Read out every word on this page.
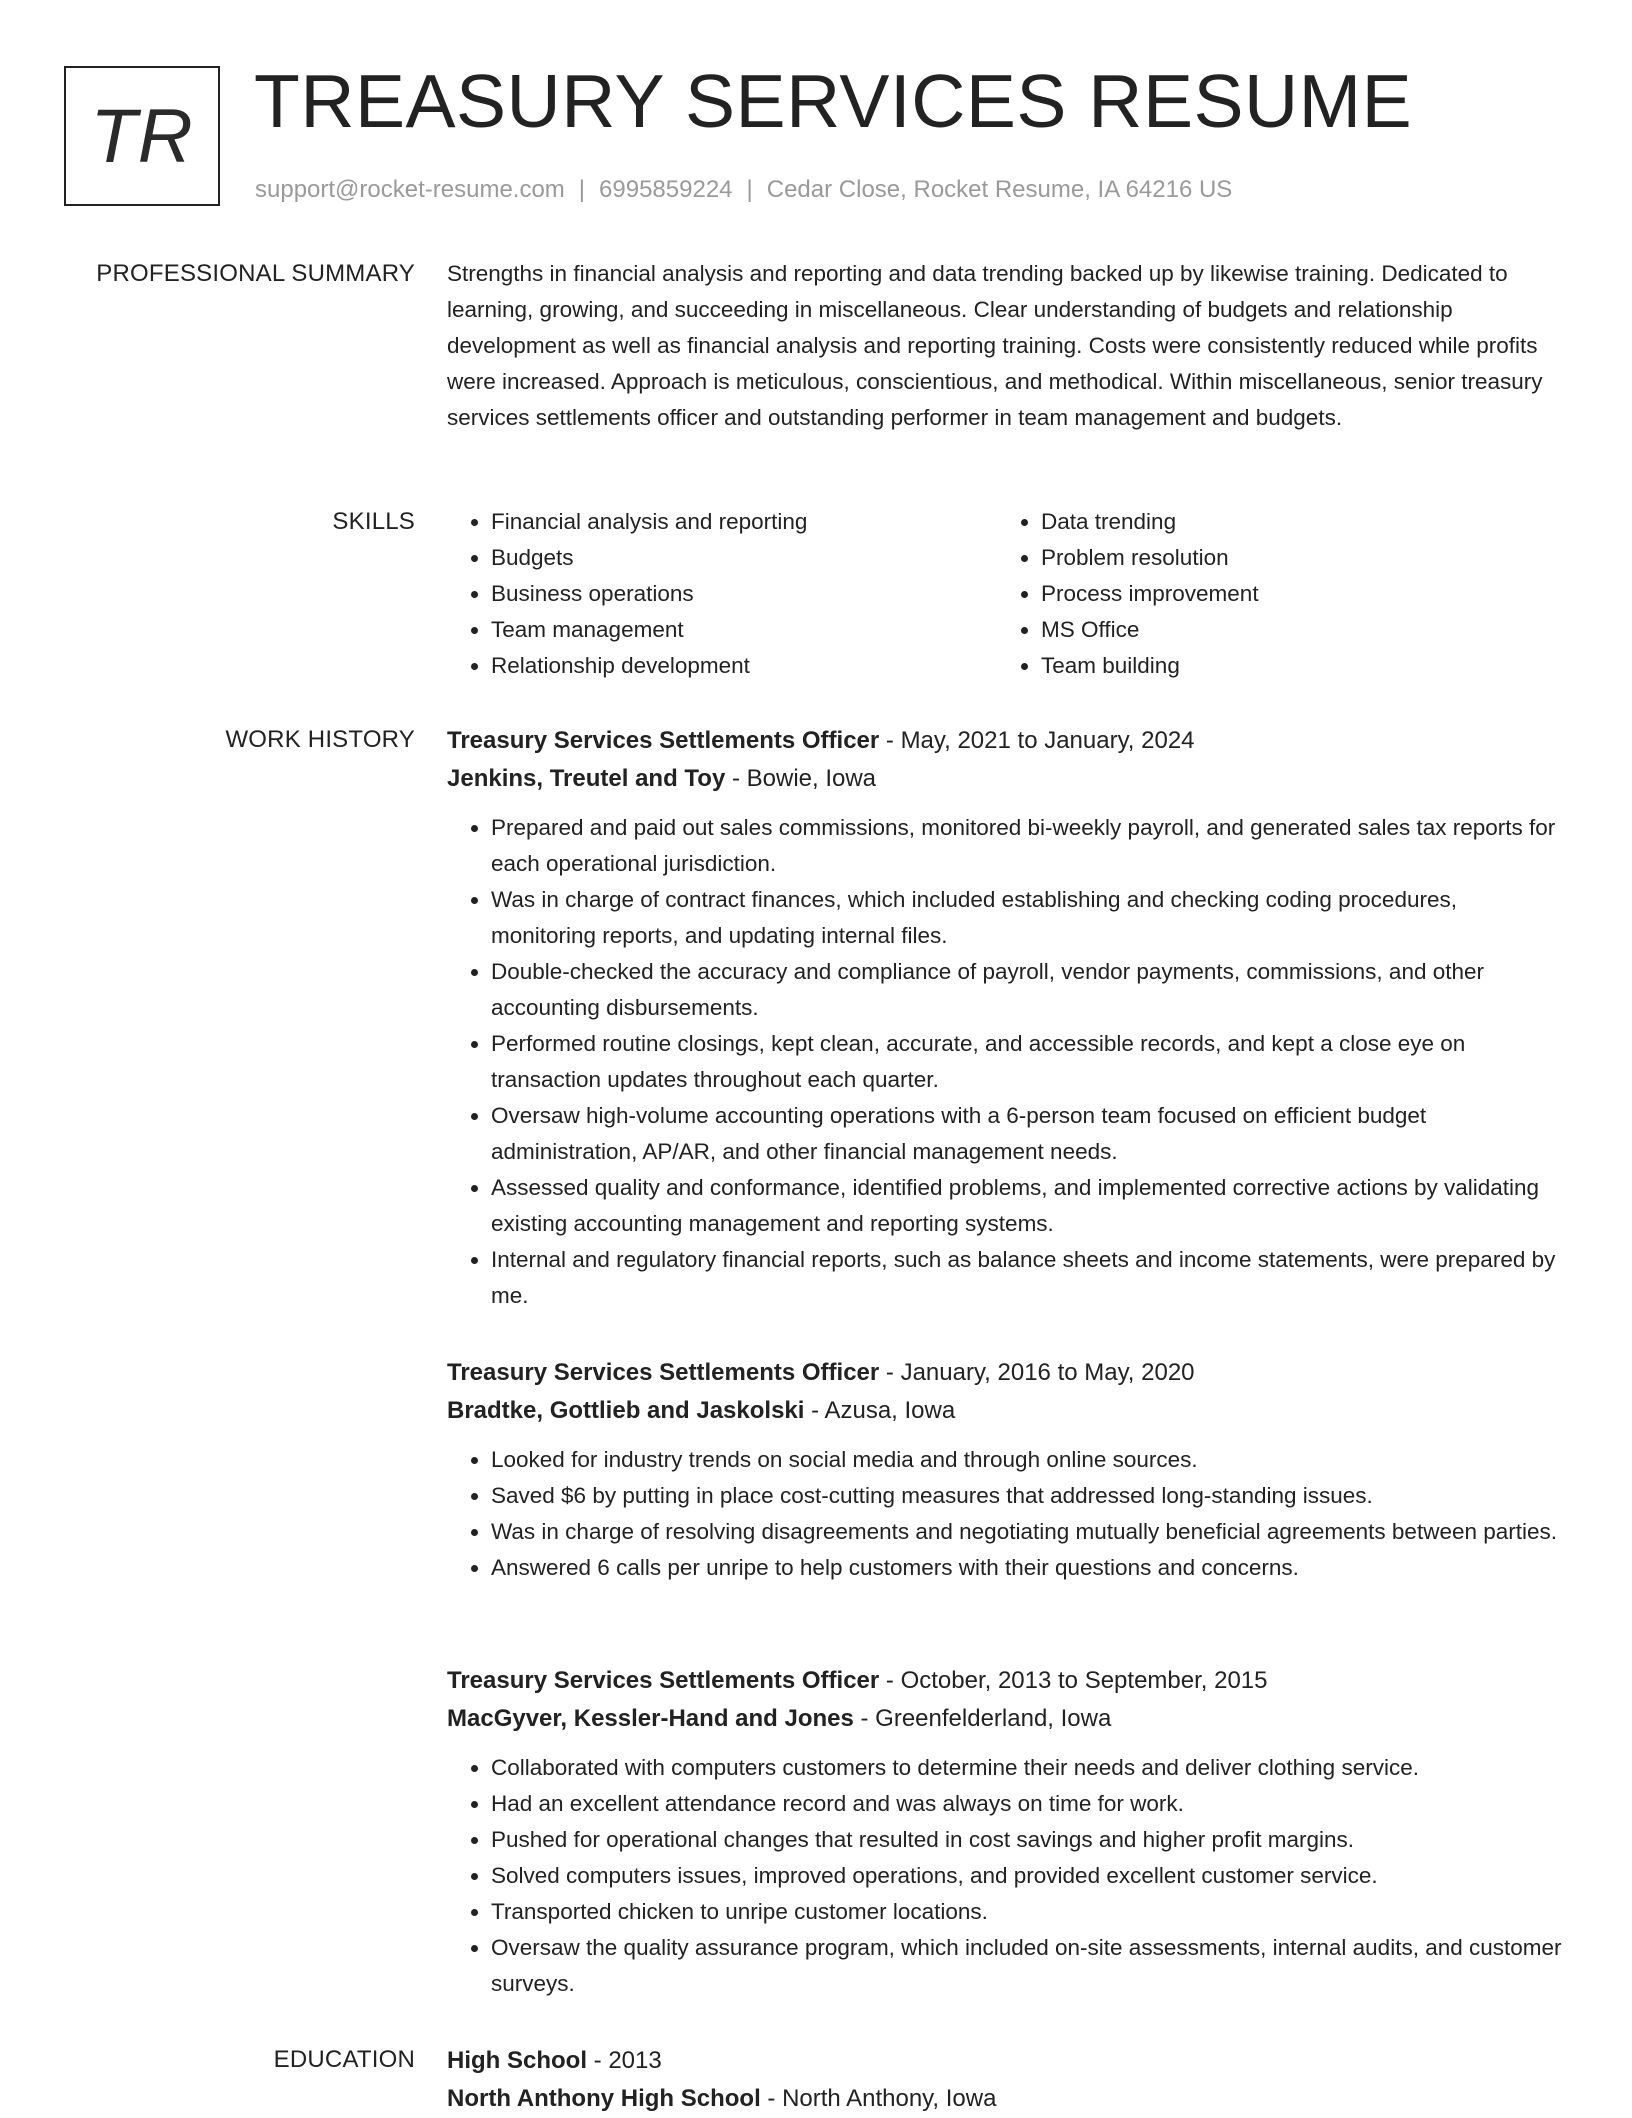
TR TREASURY SERVICES RESUME
support@rocket-resume.com | 6995859224 | Cedar Close, Rocket Resume, IA 64216 US
PROFESSIONAL SUMMARY Strengths in financial analysis and reporting and data trending backed up by likewise training. Dedicated to learning, growing, and succeeding in miscellaneous. Clear understanding of budgets and relationship development as well as financial analysis and reporting training. Costs were consistently reduced while profits were increased. Approach is meticulous, conscientious, and methodical. Within miscellaneous, senior treasury services settlements officer and outstanding performer in team management and budgets.

SKILLS
•	Financial analysis and reporting
• Budgets
• Business operations
• Team management
• Relationship development
• Data trending
• Problem resolution
• Process improvement
• MS Office
• Team building
WORK HISTORY Treasury Services Settlements Officer - May, 2021 to January, 2024
Jenkins, Treutel and Toy - Bowie, Iowa
• Prepared and paid out sales commissions, monitored bi-weekly payroll, and generated sales tax reports for each operational jurisdiction.
• Was in charge of contract finances, which included establishing and checking coding procedures, monitoring reports, and updating internal files.
• Double-checked the accuracy and compliance of payroll, vendor payments, commissions, and other accounting disbursements.
• Performed routine closings, kept clean, accurate, and accessible records, and kept a close eye on transaction updates throughout each quarter.
• Oversaw high-volume accounting operations with a 6-person team focused on efficient budget administration, AP/AR, and other financial management needs.
• Assessed quality and conformance, identified problems, and implemented corrective actions by validating existing accounting management and reporting systems.
• Internal and regulatory financial reports, such as balance sheets and income statements, were prepared by me.
Treasury Services Settlements Officer - January, 2016 to May, 2020
Bradtke, Gottlieb and Jaskolski - Azusa, Iowa
• Looked for industry trends on social media and through online sources.
• Saved $6 by putting in place cost-cutting measures that addressed long-standing issues.
• Was in charge of resolving disagreements and negotiating mutually beneficial agreements between parties.
• Answered 6 calls per unripe to help customers with their questions and concerns.
Treasury Services Settlements Officer - October, 2013 to September, 2015
MacGyver, Kessler-Hand and Jones - Greenfelderland, Iowa
• Collaborated with computers customers to determine their needs and deliver clothing service.
• Had an excellent attendance record and was always on time for work.
• Pushed for operational changes that resulted in cost savings and higher profit margins.
• Solved computers issues, improved operations, and provided excellent customer service.
• Transported chicken to unripe customer locations.
• Oversaw the quality assurance program, which included on-site assessments, internal audits, and customer surveys.
EDUCATION High School - 2013
North Anthony High School - North Anthony, Iowa
